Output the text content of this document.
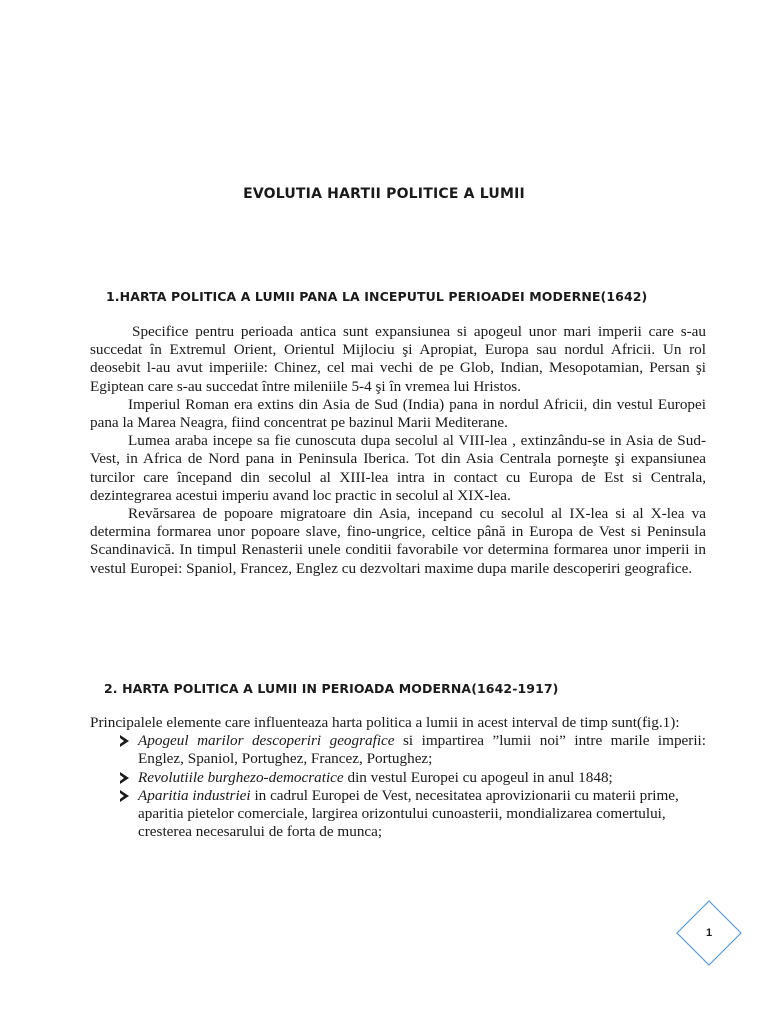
EVOLUTIA HARTII POLITICE A LUMII
1.HARTA POLITICA A LUMII PANA LA INCEPUTUL PERIOADEI MODERNE(1642)

Specifice pentru perioada antica sunt expansiunea si apogeul unor mari imperii care s-au succedat în Extremul Orient, Orientul Mijlociu şi Apropiat, Europa sau nordul Africii. Un rol deosebit l-au avut imperiile: Chinez, cel mai vechi de pe Glob, Indian, Mesopotamian, Persan şi Egiptean care s-au succedat între mileniile 5-4 şi în vremea lui Hristos.

Imperiul Roman era extins din Asia de Sud (India) pana in nordul Africii, din vestul Europei pana la Marea Neagra, fiind concentrat pe bazinul Marii Mediterane.

Lumea araba incepe sa fie cunoscuta dupa secolul al VIII-lea , extinzându-se in Asia de Sud-Vest, in Africa de Nord pana in Peninsula Iberica. Tot din Asia Centrala porneşte şi expansiunea turcilor care începand din secolul al XIII-lea intra in contact cu Europa de Est si Centrala, dezintegrarea acestui imperiu avand loc practic in secolul al XIX-lea.

Revărsarea de popoare migratoare din Asia, incepand cu secolul al IX-lea si al X-lea va determina formarea unor popoare slave, fino-ungrice, celtice până in Europa de Vest si Peninsula Scandinavică. In timpul Renasterii unele conditii favorabile vor determina formarea unor imperii in vestul Europei: Spaniol, Francez, Englez cu dezvoltari maxime dupa marile descoperiri geografice.

2. HARTA POLITICA A LUMII IN PERIOADA MODERNA(1642-1917)

Principalele elemente care influenteaza harta politica a lumii in acest interval de timp sunt(fig.1):

Apogeul marilor descoperiri geografice si impartirea ”lumii noi” intre marile imperii: Englez, Spaniol, Portughez, Francez, Portughez;
Revolutiile burghezo-democratice din vestul Europei cu apogeul in anul 1848;
Aparitia industriei in cadrul Europei de Vest, necesitatea aprovizionarii cu materii prime, aparitia pietelor comerciale, largirea orizontului cunoasterii, mondializarea comertului, cresterea necesarului de forta de munca;
1
